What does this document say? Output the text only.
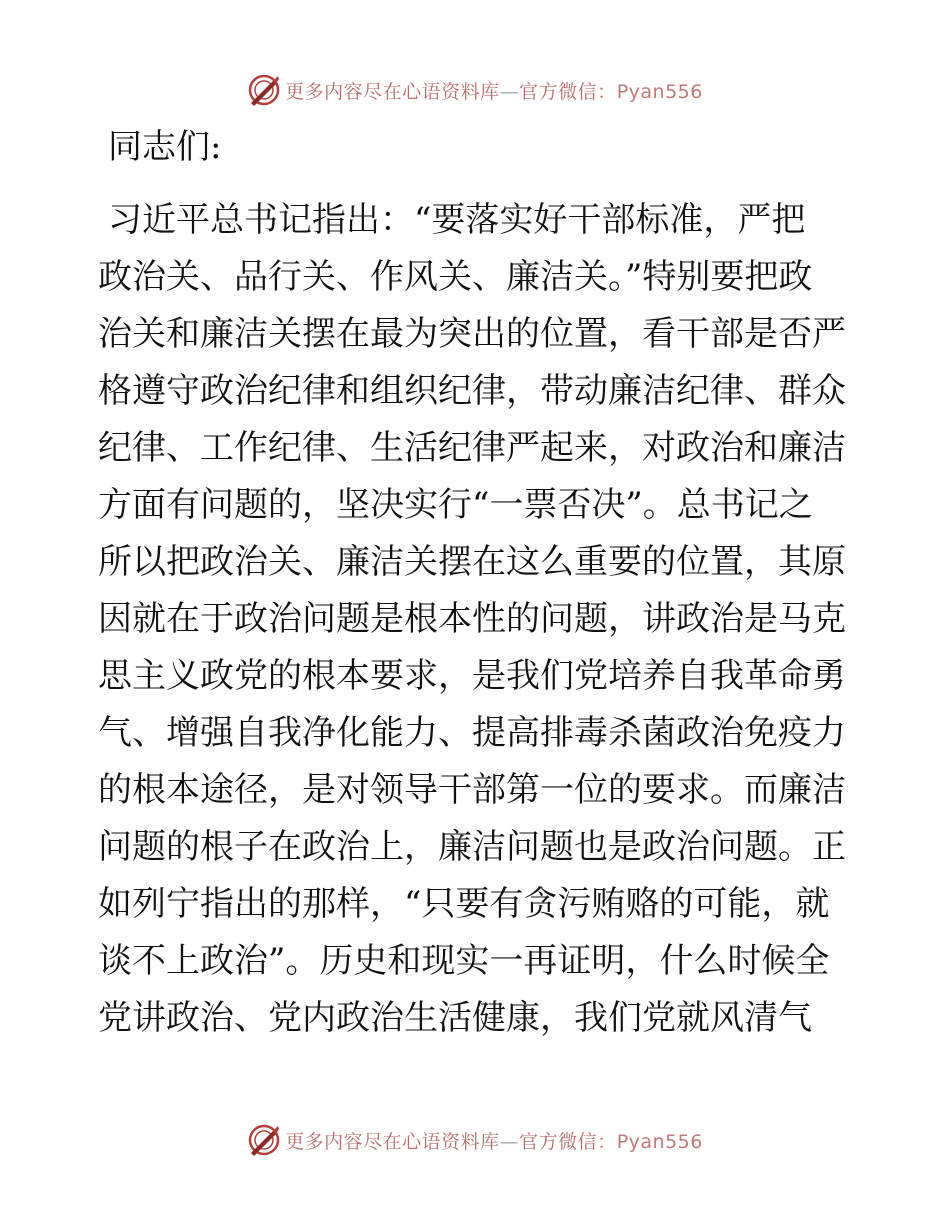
更多内容尽在心语资料库—官方微信：Pyan556
同志们:
习近平总书记指出：“要落实好干部标准，严把
政治关、品行关、作风关、廉洁关。”特别要把政
治关和廉洁关摆在最为突出的位置，看干部是否严
格遵守政治纪律和组织纪律，带动廉洁纪律、群众
纪律、工作纪律、生活纪律严起来，对政治和廉洁
方面有问题的，坚决实行“一票否决”。总书记之
所以把政治关、廉洁关摆在这么重要的位置，其原
因就在于政治问题是根本性的问题，讲政治是马克
思主义政党的根本要求，是我们党培养自我革命勇
气、增强自我净化能力、提高排毒杀菌政治免疫力
的根本途径，是对领导干部第一位的要求。而廉洁
问题的根子在政治上，廉洁问题也是政治问题。正
如列宁指出的那样，“只要有贪污贿赂的可能，就
谈不上政治”。历史和现实一再证明，什么时候全
党讲政治、党内政治生活健康，我们党就风清气
更多内容尽在心语资料库—官方微信：Pyan556
